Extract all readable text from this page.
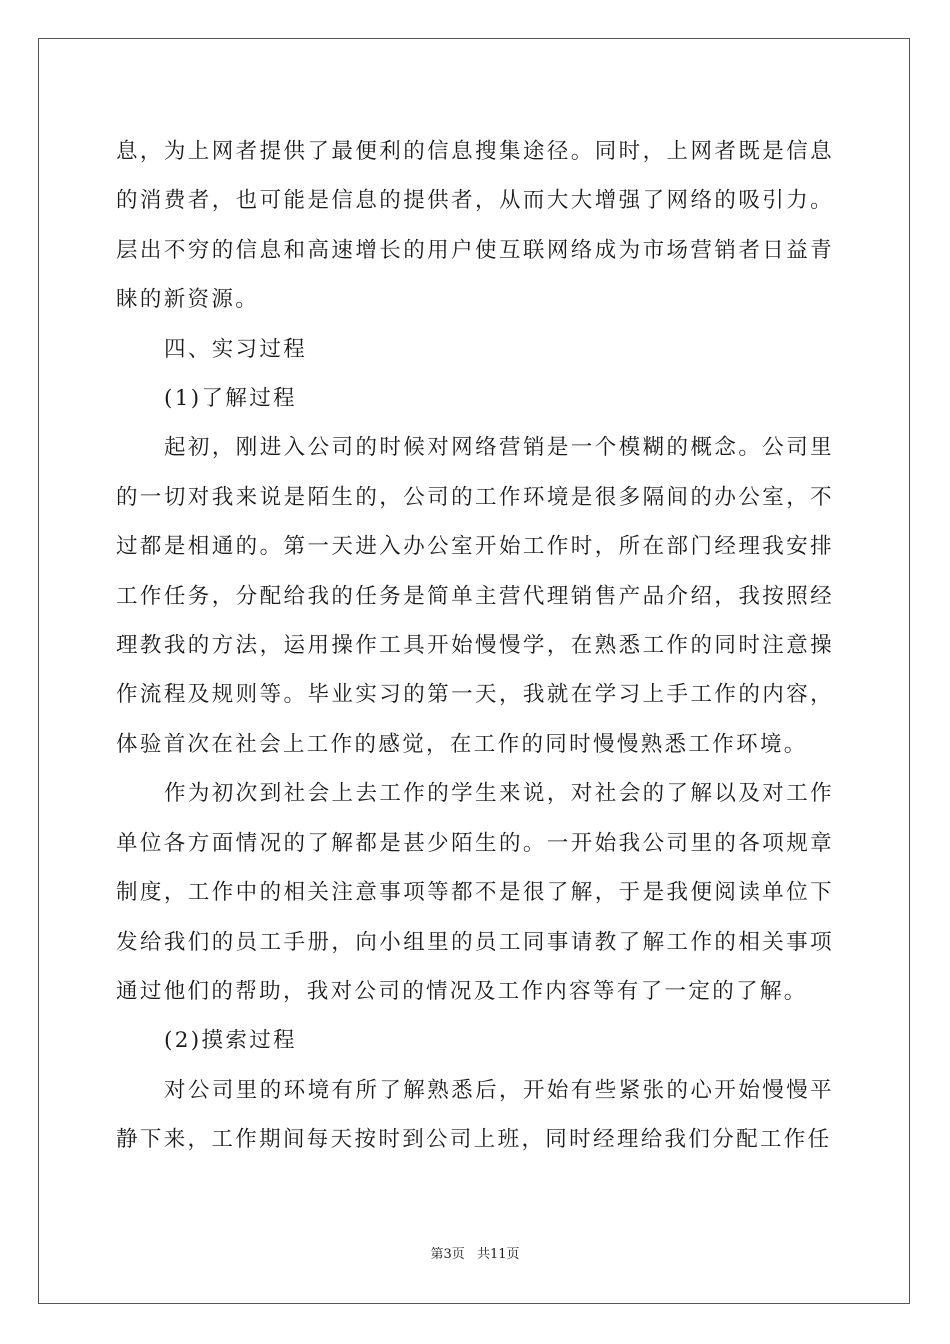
息，为上网者提供了最便利的信息搜集途径。同时，上网者既是信息的消费者，也可能是信息的提供者，从而大大增强了网络的吸引力。层出不穷的信息和高速增长的用户使互联网络成为市场营销者日益青睐的新资源。

四、实习过程

(1)了解过程

起初，刚进入公司的时候对网络营销是一个模糊的概念。公司里的一切对我来说是陌生的，公司的工作环境是很多隔间的办公室，不过都是相通的。第一天进入办公室开始工作时，所在部门经理我安排工作任务，分配给我的任务是简单主营代理销售产品介绍，我按照经理教我的方法，运用操作工具开始慢慢学，在熟悉工作的同时注意操作流程及规则等。毕业实习的第一天，我就在学习上手工作的内容，体验首次在社会上工作的感觉，在工作的同时慢慢熟悉工作环境。

作为初次到社会上去工作的学生来说，对社会的了解以及对工作单位各方面情况的了解都是甚少陌生的。一开始我公司里的各项规章制度，工作中的相关注意事项等都不是很了解，于是我便阅读单位下发给我们的员工手册，向小组里的员工同事请教了解工作的相关事项通过他们的帮助，我对公司的情况及工作内容等有了一定的了解。

(2)摸索过程

对公司里的环境有所了解熟悉后，开始有些紧张的心开始慢慢平静下来，工作期间每天按时到公司上班，同时经理给我们分配工作任

第3页 共11页
